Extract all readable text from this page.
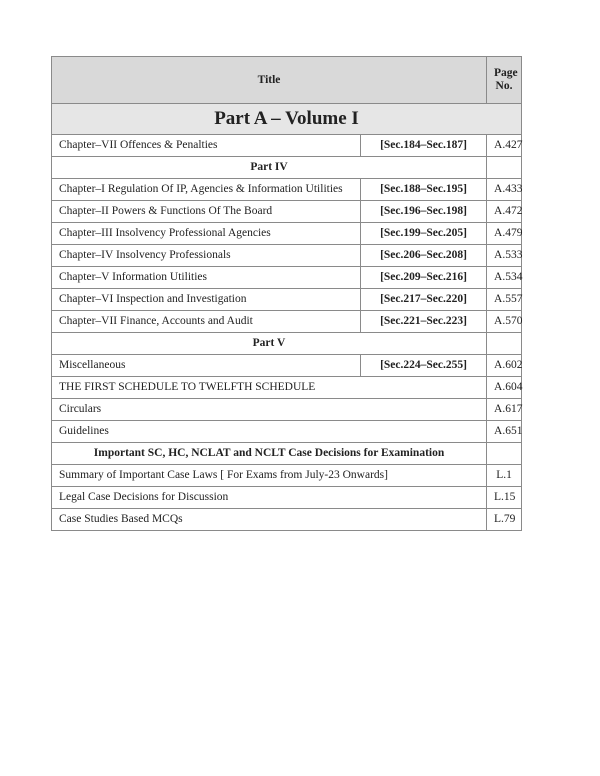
Title		Page
No.
Part A – Volume I		
Chapter–VII Offences & Penalties	[Sec.184–Sec.187]	A.427
Part IV		
Chapter–I Regulation Of IP, Agencies & Information Utilities	[Sec.188–Sec.195]	A.433
Chapter–II Powers & Functions Of The Board	[Sec.196–Sec.198]	A.472
Chapter–III Insolvency Professional Agencies	[Sec.199–Sec.205]	A.479
Chapter–IV Insolvency Professionals	[Sec.206–Sec.208]	A.533
Chapter–V Information Utilities	[Sec.209–Sec.216]	A.534
Chapter–VI Inspection and Investigation	[Sec.217–Sec.220]	A.557
Chapter–VII Finance, Accounts and Audit	[Sec.221–Sec.223]	A.570
Part V		
Miscellaneous	[Sec.224–Sec.255]	A.602
THE FIRST SCHEDULE TO TWELFTH SCHEDULE		A.604
Circulars		A.617
Guidelines		A.651
Important SC, HC, NCLAT and NCLT Case Decisions for Examination		
Summary of Important Case Laws [ For Exams from July-23 Onwards]		L.1
Legal Case Decisions for Discussion		L.15
Case Studies Based MCQs		L.79
